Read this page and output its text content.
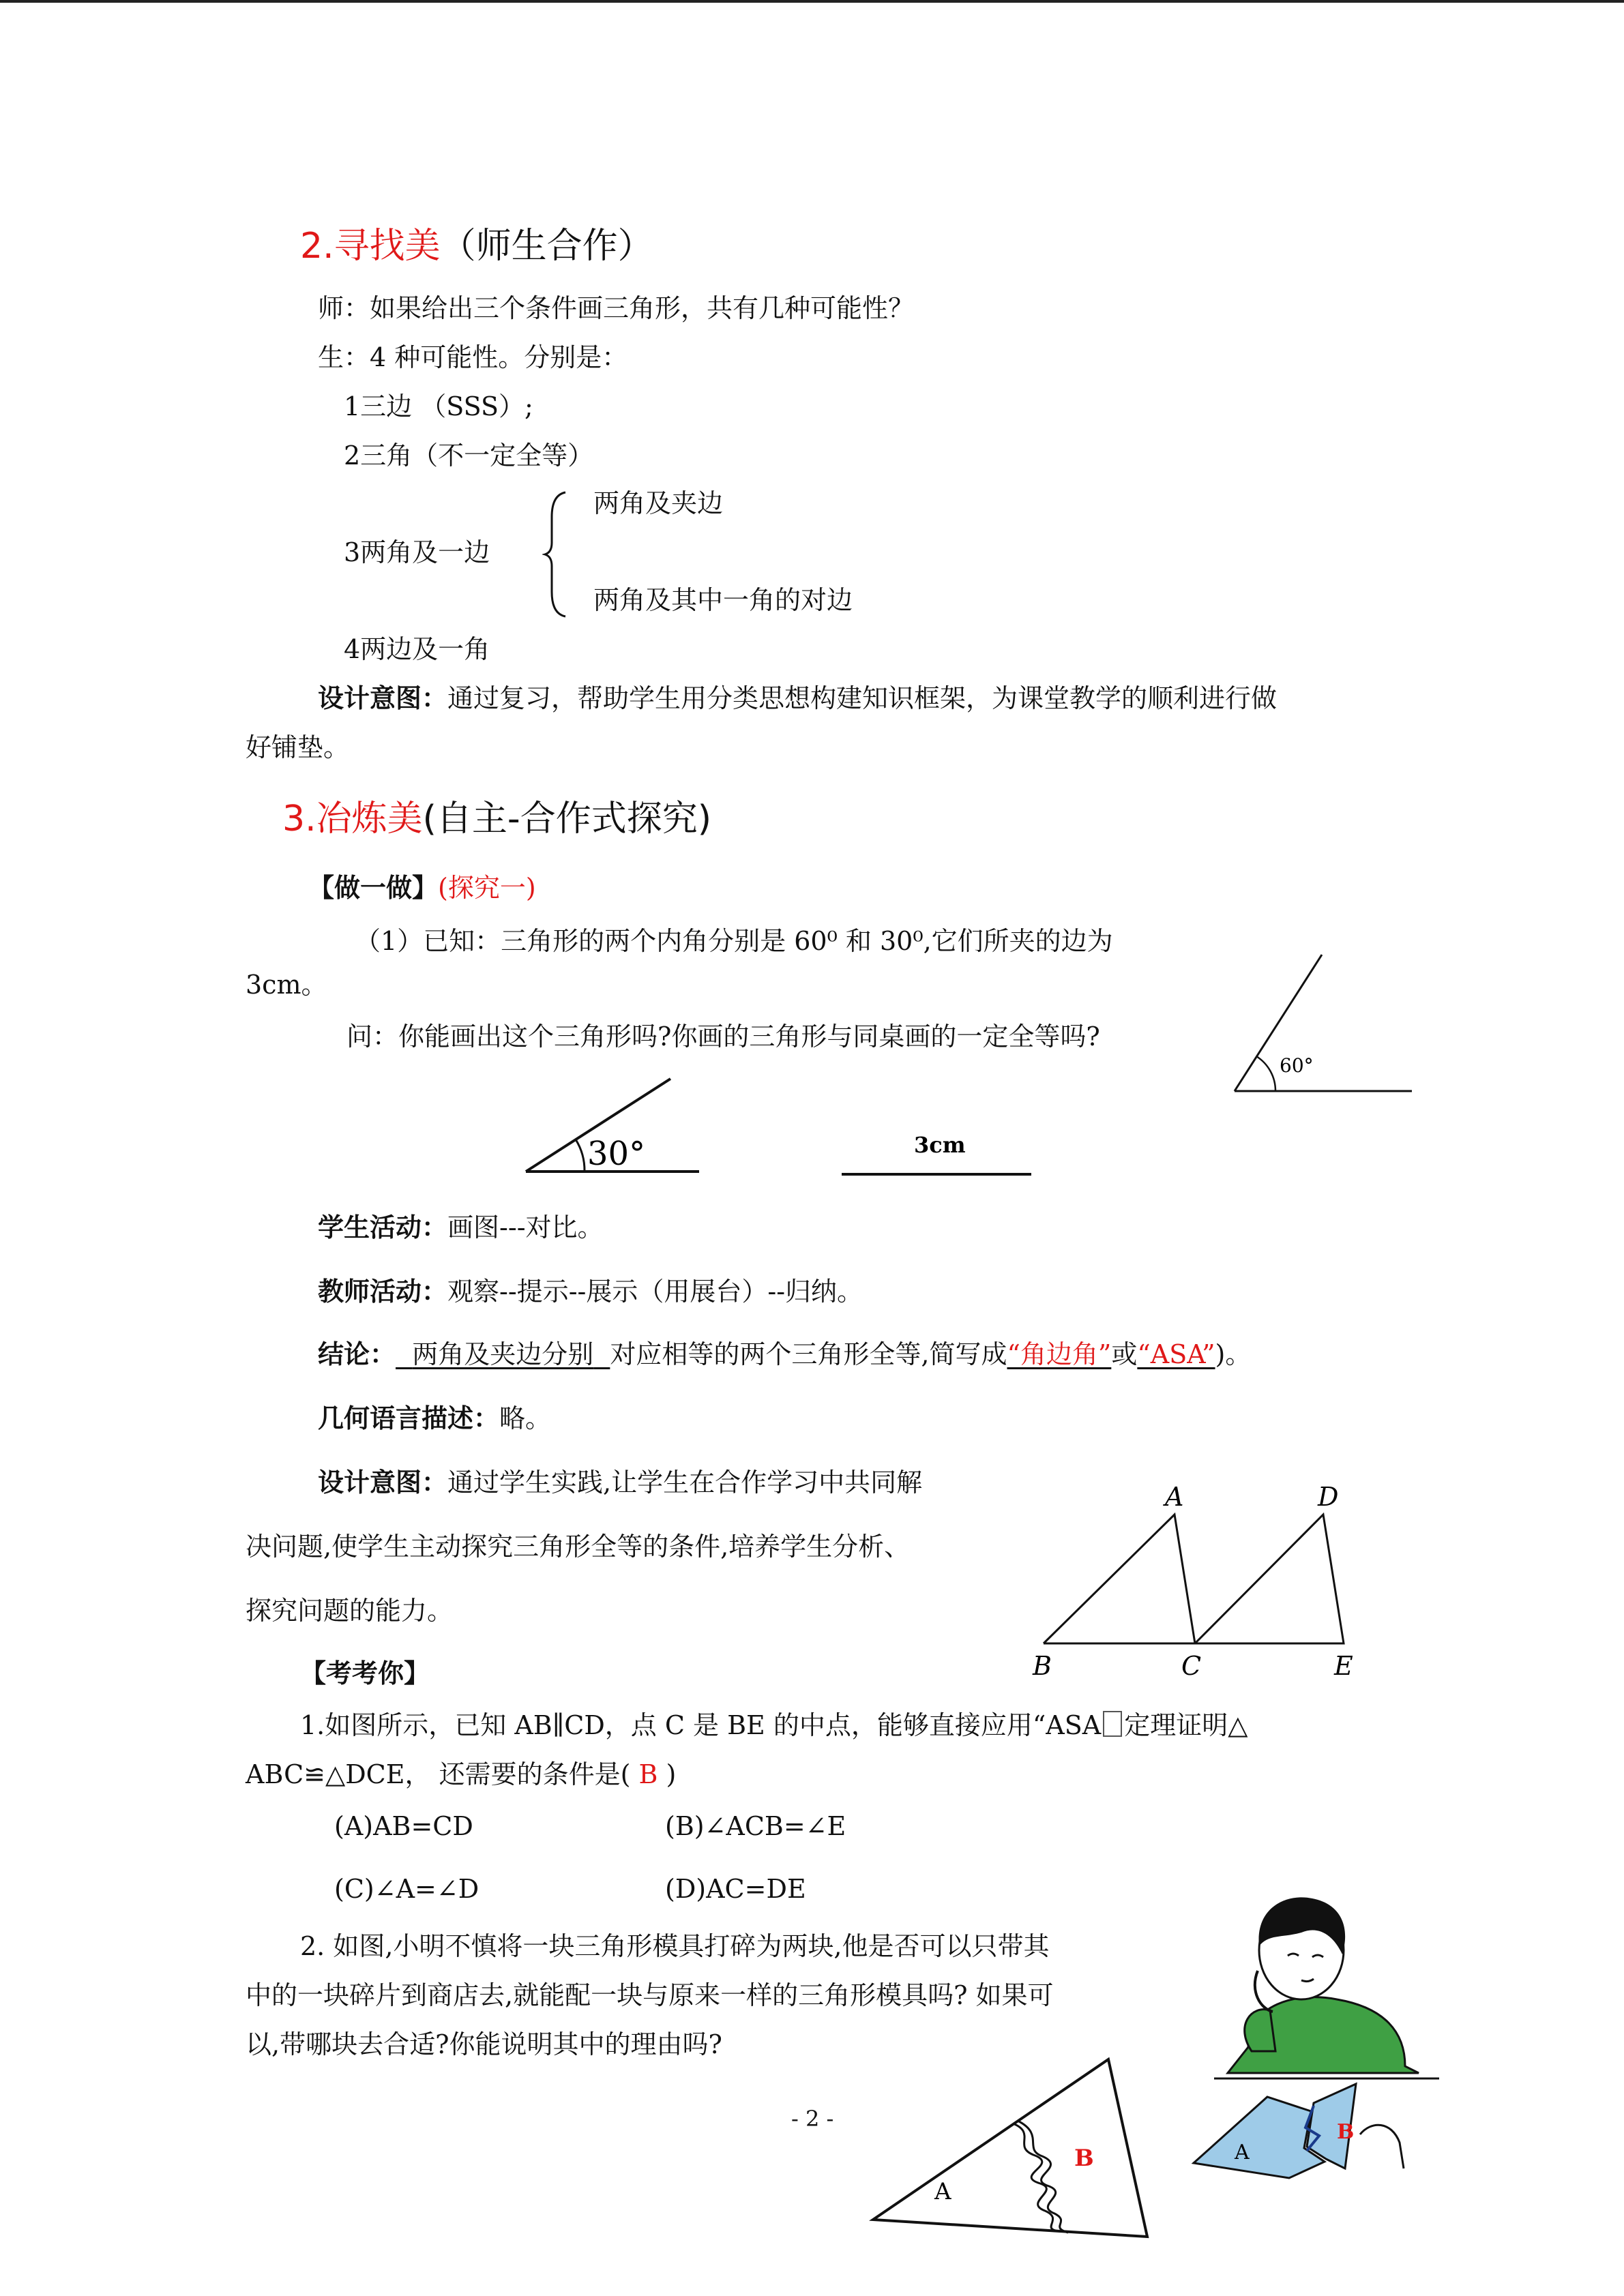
2.寻找美（师生合作）
师：如果给出三个条件画三角形，共有几种可能性？
生：4 种可能性。分别是：
1三边 （SSS）;
2三角（不一定全等）
3两角及一边
两角及夹边
两角及其中一角的对边
4两边及一角
设计意图：通过复习，帮助学生用分类思想构建知识框架，为课堂教学的顺利进行做
好铺垫。
3.冶炼美(自主-合作式探究)
【做一做】(探究一)
（1）已知：三角形的两个内角分别是 60⁰ 和 30⁰,它们所夹的边为
3cm。
问：你能画出这个三角形吗?你画的三角形与同桌画的一定全等吗?
60°
30°	3cm
学生活动：画图---对比。
教师活动：观察--提示--展示（用展台）--归纳。
结论： 两角及夹边分别 对应相等的两个三角形全等,简写成“角边角”或“ASA”)。
几何语言描述：略。
设计意图：通过学生实践,让学生在合作学习中共同解
决问题,使学生主动探究三角形全等的条件,培养学生分析、
探究问题的能力。
A	D
B	C	E
【考考你】
1.如图所示，已知 AB∥CD，点 C 是 BE 的中点，能够直接应用“ASA 定理证明△
ABC≌△DCE， 还需要的条件是( B )
(A)AB=CD	(B)∠ACB=∠E
(C)∠A=∠D	(D)AC=DE
2. 如图,小明不慎将一块三角形模具打碎为两块,他是否可以只带其
中的一块碎片到商店去,就能配一块与原来一样的三角形模具吗? 如果可
以,带哪块去合适?你能说明其中的理由吗?
A
B	A
B
- 2 -
